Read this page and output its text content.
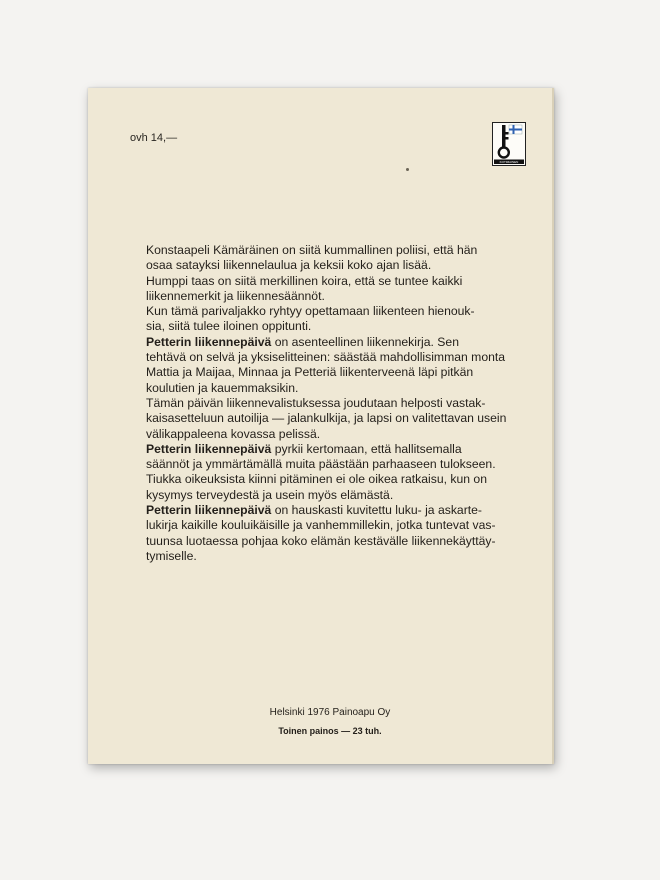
ovh 14,—
KOTIMAINEN

Konstaapeli Kämäräinen on siitä kummallinen poliisi, että hän
osaa satayksi liikennelaulua ja keksii koko ajan lisää.

Humppi taas on siitä merkillinen koira, että se tuntee kaikki
liikennemerkit ja liikennesäännöt.

Kun tämä parivaljakko ryhtyy opettamaan liikenteen hienouk-
sia, siitä tulee iloinen oppitunti.

Petterin liikennepäivä on asenteellinen liikennekirja. Sen
tehtävä on selvä ja yksiselitteinen: säästää mahdollisimman monta
Mattia ja Maijaa, Minnaa ja Petteriä liikenterveenä läpi pitkän
koulutien ja kauemmaksikin.

Tämän päivän liikennevalistuksessa joudutaan helposti vastak-
kaisasetteluun autoilija — jalankulkija, ja lapsi on valitettavan usein
välikappaleena kovassa pelissä.

Petterin liikennepäivä pyrkii kertomaan, että hallitsemalla
säännöt ja ymmärtämällä muita päästään parhaaseen tulokseen.
Tiukka oikeuksista kiinni pitäminen ei ole oikea ratkaisu, kun on
kysymys terveydestä ja usein myös elämästä.

Petterin liikennepäivä on hauskasti kuvitettu luku- ja askarte-
lukirja kaikille kouluikäisille ja vanhemmillekin, jotka tuntevat vas-
tuunsa luotaessa pohjaa koko elämän kestävälle liikennekäyttäy-
tymiselle.

Helsinki 1976 Painoapu Oy
Toinen painos — 23 tuh.
